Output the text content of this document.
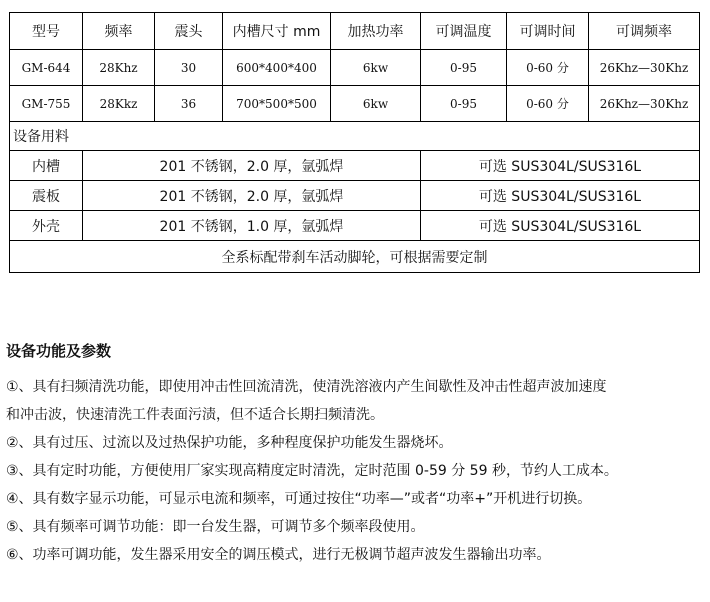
型号	频率	震头	内槽尺寸 mm	加热功率	可调温度	可调时间	可调频率
GM-644	28Khz	30	600*400*400	6kw	0-95	0-60 分	26Khz—30Khz
GM-755	28Kkz	36	700*500*500	6kw	0-95	0-60 分	26Khz—30Khz
设备用料							
内槽	201 不锈钢，2.0 厚，氩弧焊				可选 SUS304L/SUS316L		
震板	201 不锈钢，2.0 厚，氩弧焊				可选 SUS304L/SUS316L		
外壳	201 不锈钢，1.0 厚，氩弧焊				可选 SUS304L/SUS316L		
全系标配带刹车活动脚轮，可根据需要定制							
设备功能及参数
①、具有扫频清洗功能，即使用冲击性回流清洗，使清洗溶液内产生间歇性及冲击性超声波加速度
和冲击波，快速清洗工件表面污渍，但不适合长期扫频清洗。
②、具有过压、过流以及过热保护功能，多种程度保护功能发生器烧坏。
③、具有定时功能，方便使用厂家实现高精度定时清洗，定时范围 0-59 分 59 秒，节约人工成本。
④、具有数字显示功能，可显示电流和频率，可通过按住“功率—”或者“功率+”开机进行切换。
⑤、具有频率可调节功能：即一台发生器，可调节多个频率段使用。
⑥、功率可调功能，发生器采用安全的调压模式，进行无极调节超声波发生器输出功率。
